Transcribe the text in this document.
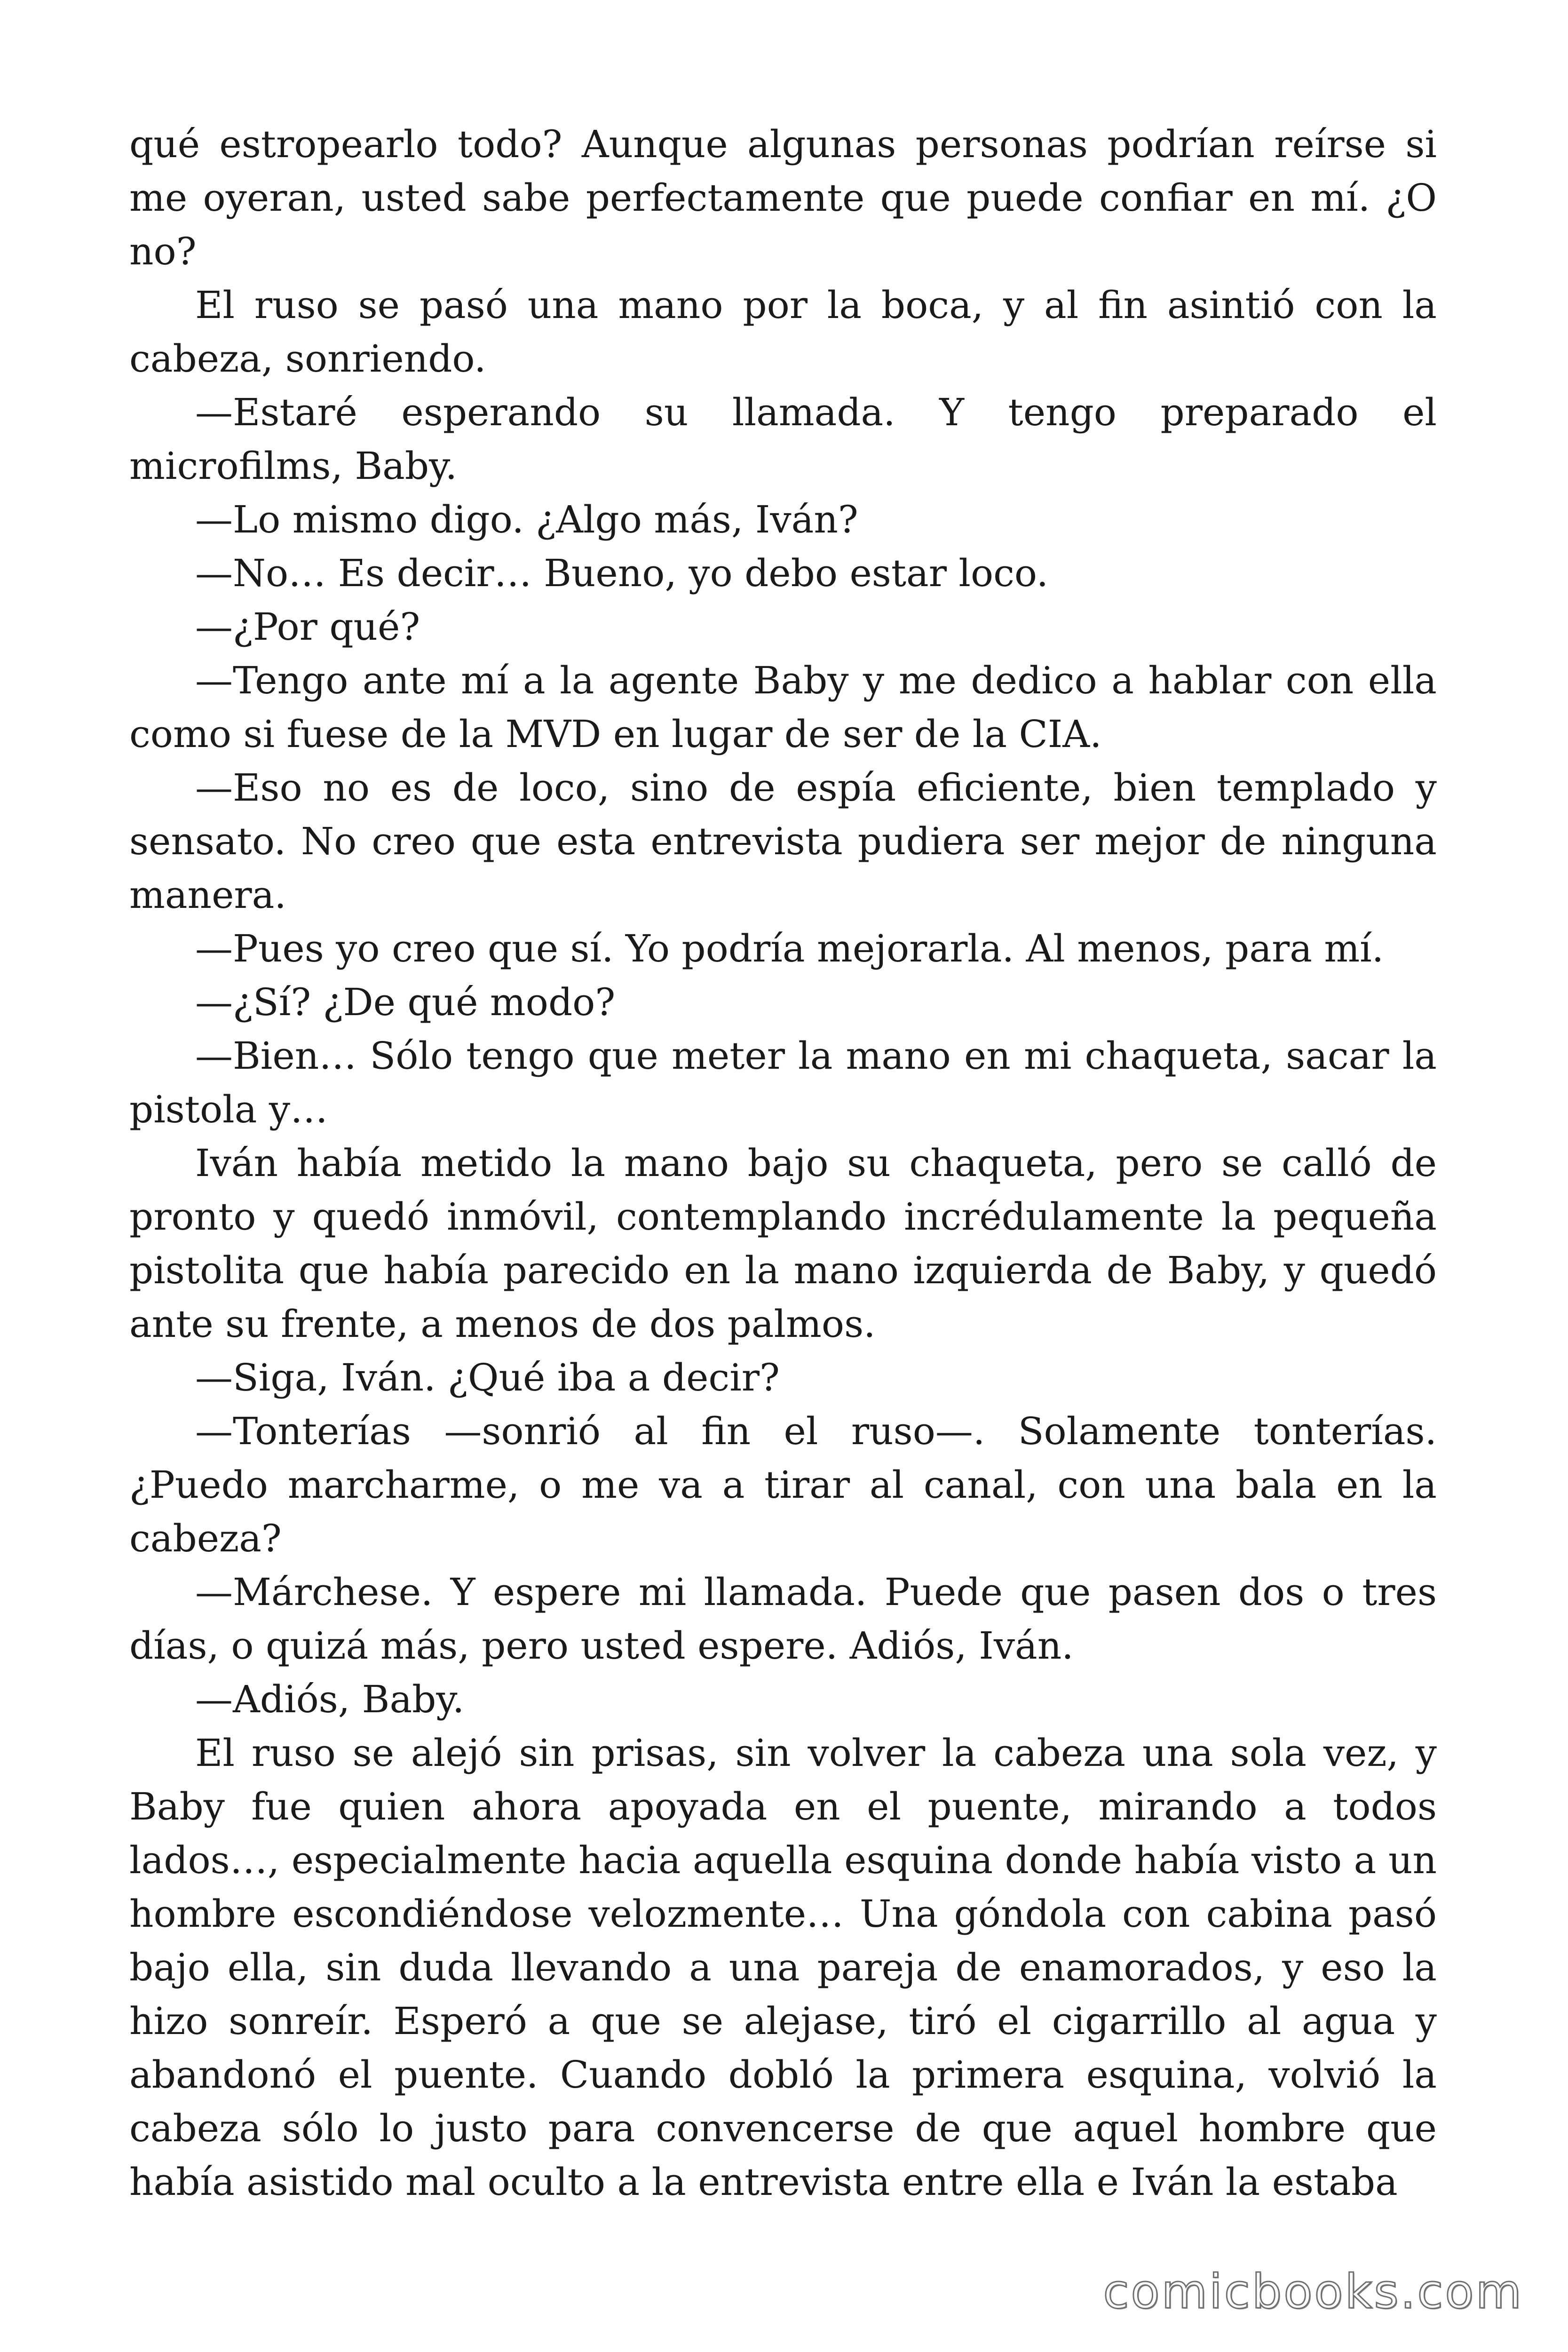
qué estropearlo todo? Aunque algunas personas podrían reírse si me oyeran, usted sabe perfectamente que puede confiar en mí. ¿O no?

El ruso se pasó una mano por la boca, y al fin asintió con la cabeza, sonriendo.

—Estaré esperando su llamada. Y tengo preparado el microfilms, Baby.

—Lo mismo digo. ¿Algo más, Iván?

—No… Es decir… Bueno, yo debo estar loco.

—¿Por qué?

—Tengo ante mí a la agente Baby y me dedico a hablar con ella como si fuese de la MVD en lugar de ser de la CIA.

—Eso no es de loco, sino de espía eficiente, bien templado y sensato. No creo que esta entrevista pudiera ser mejor de ninguna manera.

—Pues yo creo que sí. Yo podría mejorarla. Al menos, para mí.

—¿Sí? ¿De qué modo?

—Bien… Sólo tengo que meter la mano en mi chaqueta, sacar la pistola y…

Iván había metido la mano bajo su chaqueta, pero se calló de pronto y quedó inmóvil, contemplando incrédulamente la pequeña pistolita que había parecido en la mano izquierda de Baby, y quedó ante su frente, a menos de dos palmos.

—Siga, Iván. ¿Qué iba a decir?

—Tonterías —sonrió al fin el ruso—. Solamente tonterías. ¿Puedo marcharme, o me va a tirar al canal, con una bala en la cabeza?

—Márchese. Y espere mi llamada. Puede que pasen dos o tres días, o quizá más, pero usted espere. Adiós, Iván.

—Adiós, Baby.

El ruso se alejó sin prisas, sin volver la cabeza una sola vez, y Baby fue quien ahora apoyada en el puente, mirando a todos lados…, especialmente hacia aquella esquina donde había visto a un hombre escondiéndose velozmente… Una góndola con cabina pasó bajo ella, sin duda llevando a una pareja de enamorados, y eso la hizo sonreír. Esperó a que se alejase, tiró el cigarrillo al agua y abandonó el puente. Cuando dobló la primera esquina, volvió la cabeza sólo lo justo para convencerse de que aquel hombre que había asistido mal oculto a la entrevista entre ella e Iván la estaba

comicbooks.com
